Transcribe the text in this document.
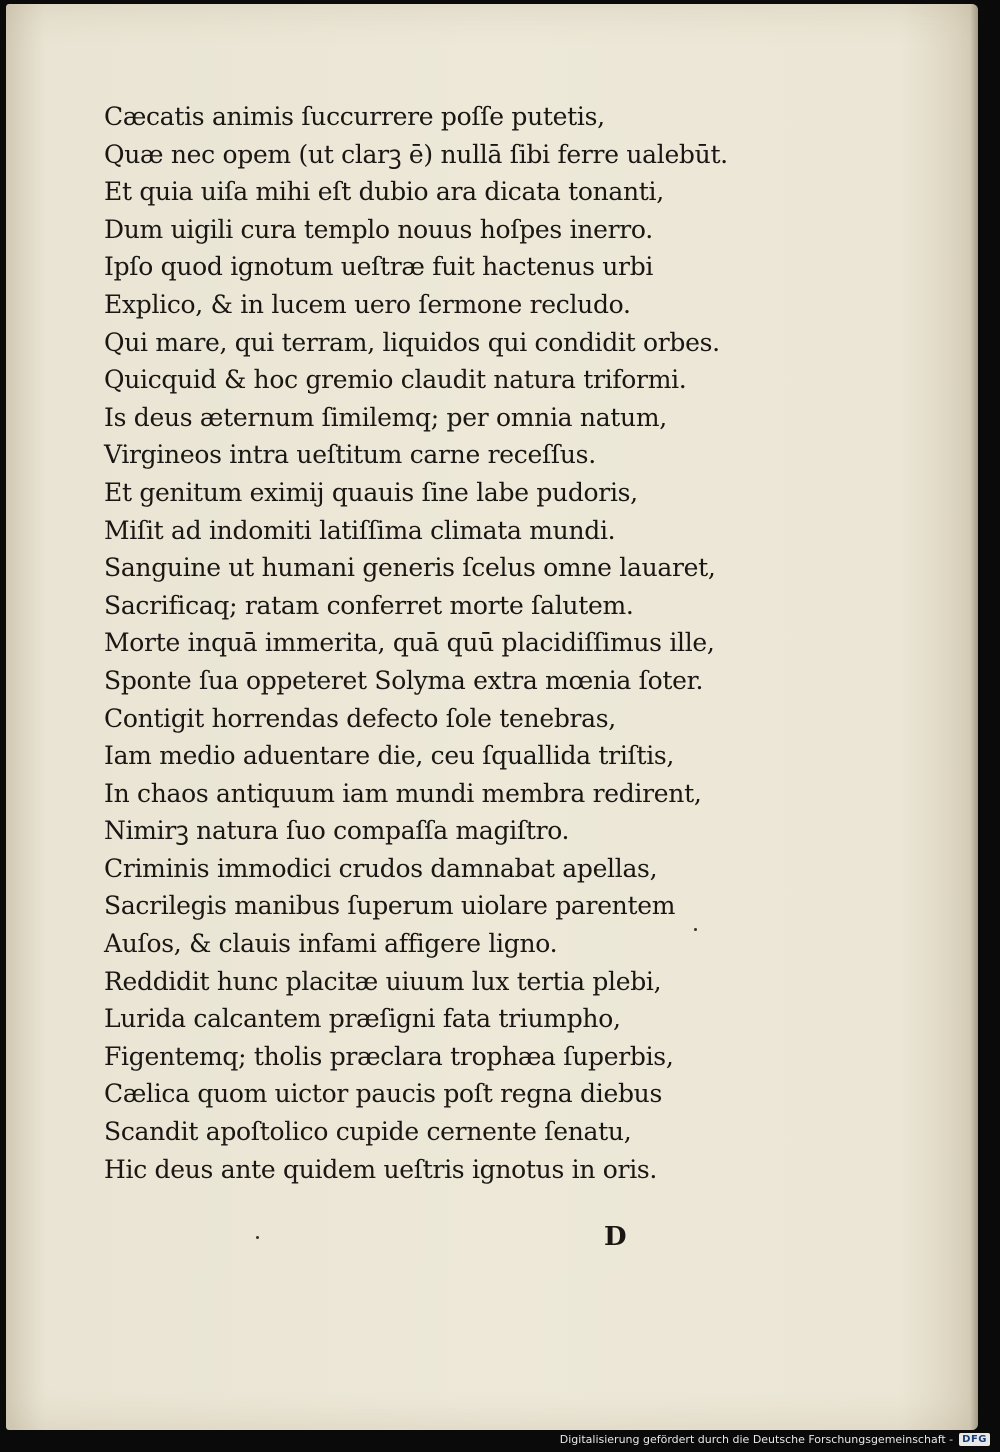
Cæcatis animis ſuccurrere poſſe putetis,
Quæ nec opem (ut clarꝫ ē) nullā ſibi ferre ualebūt.
Et quia uiſa mihi eſt dubio ara dicata tonanti,
Dum uigili cura templo nouus hoſpes inerro.
Ipſo quod ignotum ueſtræ fuit hactenus urbi
Explico, & in lucem uero ſermone recludo.
Qui mare, qui terram, liquidos qui condidit orbes.
Quicquid & hoc gremio claudit natura triformi.
Is deus æternum ſimilemq; per omnia natum,
Virgineos intra ueſtitum carne receſſus.
Et genitum eximij quauis ſine labe pudoris,
Miſit ad indomiti latiſſima climata mundi.
Sanguine ut humani generis ſcelus omne lauaret,
Sacrificaq; ratam conferret morte ſalutem.
Morte inquā immerita, quā quū placidiſſimus ille,
Sponte ſua oppeteret Solyma extra mœnia ſoter.
Contigit horrendas defecto ſole tenebras,
Iam medio aduentare die, ceu ſquallida triſtis,
In chaos antiquum iam mundi membra redirent,
Nimirꝫ natura ſuo compaſſa magiſtro.
Criminis immodici crudos damnabat apellas,
Sacrilegis manibus ſuperum uiolare parentem
Auſos, & clauis infami affigere ligno.
Reddidit hunc placitæ uiuum lux tertia plebi,
Lurida calcantem præſigni fata triumpho,
Figentemq; tholis præclara trophæa ſuperbis,
Cælica quom uictor paucis poſt regna diebus
Scandit apoſtolico cupide cernente ſenatu,
Hic deus ante quidem ueſtris ignotus in oris.
D
Digitalisierung gefördert durch die Deutsche Forschungsgemeinschaft - DFG
